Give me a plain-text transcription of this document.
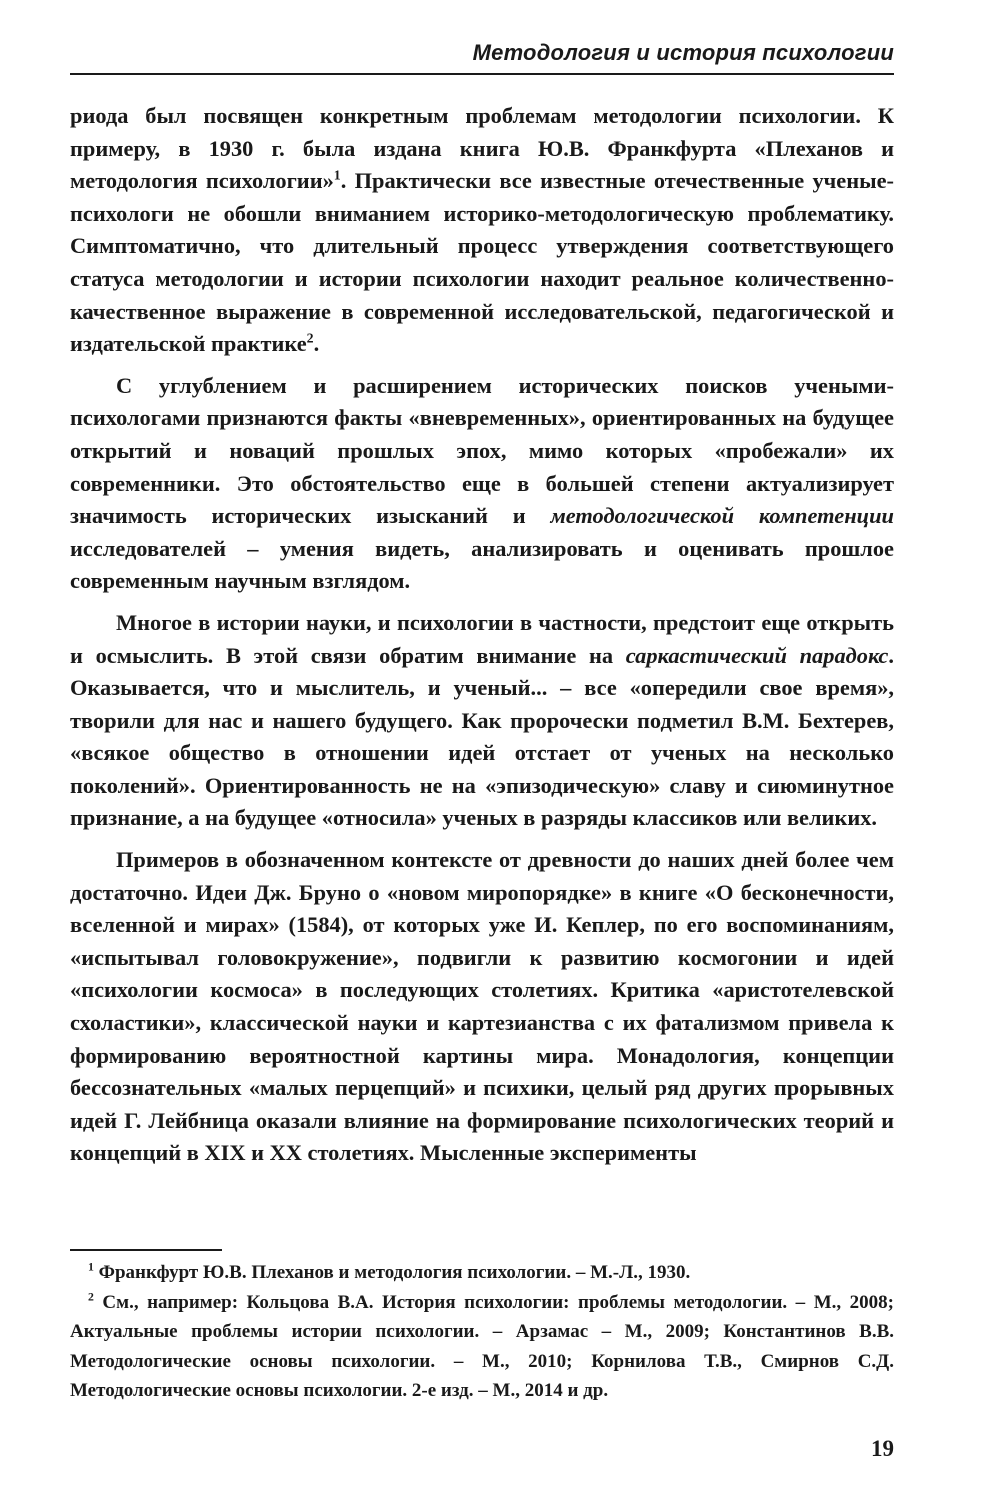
Методология и история психологии

риода был посвящен конкретным проблемам методологии психологии. К примеру, в 1930 г. была издана книга Ю.В. Франкфурта «Плеханов и методология психологии»$^1$. Практически все известные отечественные ученые-психологи не обошли вниманием историко-методологическую проблематику. Симптоматично, что длительный процесс утверждения соответствующего статуса методологии и истории психологии находит реальное количественно-качественное выражение в современной исследовательской, педагогической и издательской практике$^2$.

С углублением и расширением исторических поисков учеными-психологами признаются факты «вневременных», ориентированных на будущее открытий и новаций прошлых эпох, мимо которых «пробежали» их современники. Это обстоятельство еще в большей степени актуализирует значимость исторических изысканий и методологической компетенции исследователей – умения видеть, анализировать и оценивать прошлое современным научным взглядом.

Многое в истории науки, и психологии в частности, предстоит еще открыть и осмыслить. В этой связи обратим внимание на саркастический парадокс. Оказывается, что и мыслитель, и ученый... – все «опередили свое время», творили для нас и нашего будущего. Как пророчески подметил В.М. Бехтерев, «всякое общество в отношении идей отстает от ученых на несколько поколений». Ориентированность не на «эпизодическую» славу и сиюминутное признание, а на будущее «относила» ученых в разряды классиков или великих.

Примеров в обозначенном контексте от древности до наших дней более чем достаточно. Идеи Дж. Бруно о «новом миропорядке» в книге «О бесконечности, вселенной и мирах» (1584), от которых уже И. Кеплер, по его воспоминаниям, «испытывал головокружение», подвигли к развитию космогонии и идей «психологии космоса» в последующих столетиях. Критика «аристотелевской схоластики», классической науки и картезианства с их фатализмом привела к формированию вероятностной картины мира. Монадология, концепции бессознательных «малых перцепций» и психики, целый ряд других прорывных идей Г. Лейбница оказали влияние на формирование психологических теорий и концепций в XIX и XX столетиях. Мысленные эксперименты

$^1$ Франкфурт Ю.В. Плеханов и методология психологии. – М.-Л., 1930.

$^2$ См., например: Кольцова В.А. История психологии: проблемы методологии. – М., 2008; Актуальные проблемы истории психологии. – Арзамас – М., 2009; Константинов В.В. Методологические основы психологии. – М., 2010; Корнилова Т.В., Смирнов С.Д. Методологические основы психологии. 2-е изд. – М., 2014 и др.

19
